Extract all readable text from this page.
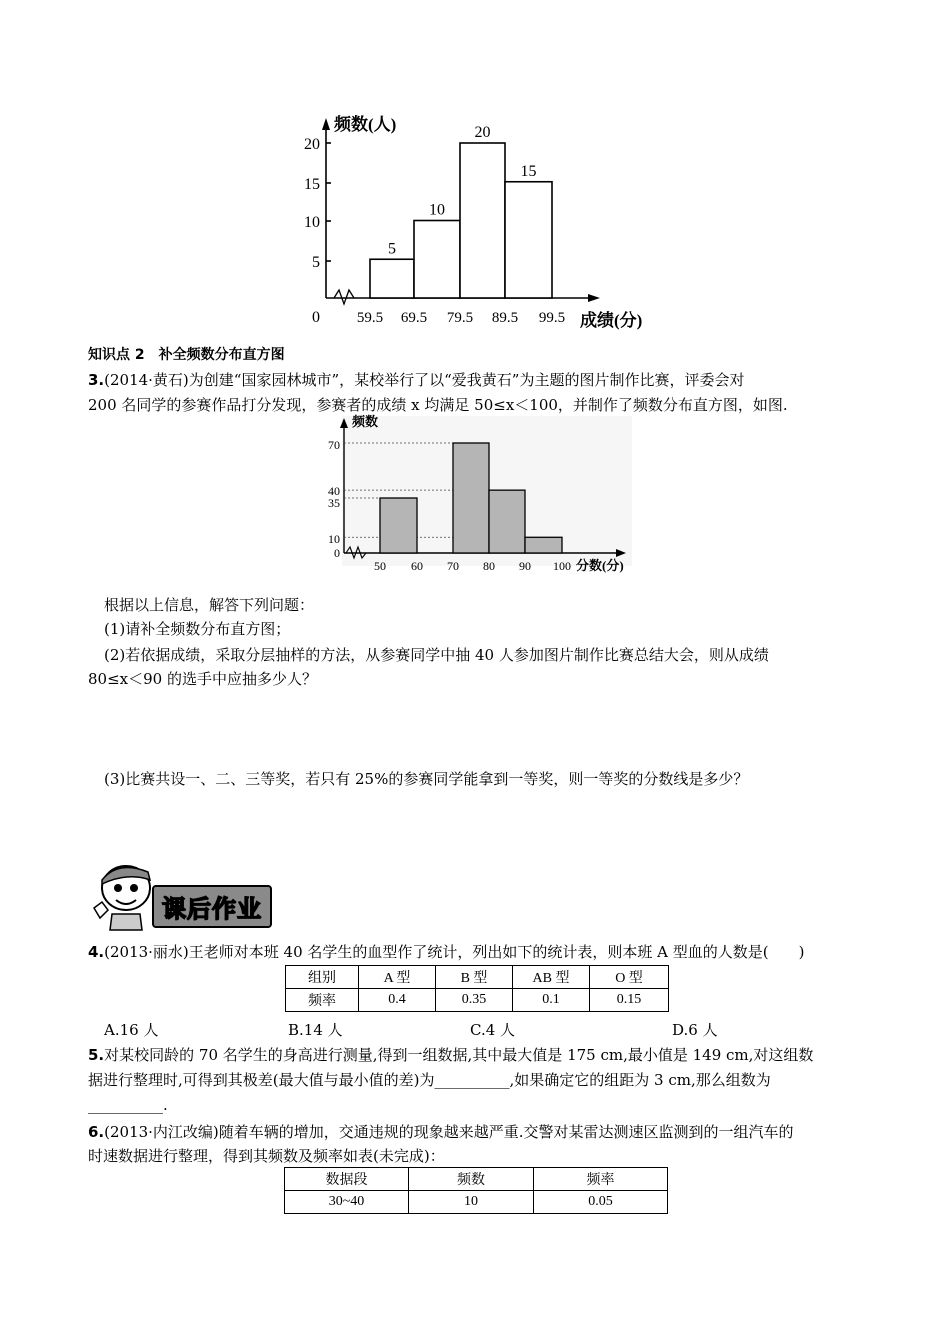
5
10
20
15
频数(人)
20
15
10
5
0 59.5 69.5 79.5 89.5 99.5 成绩(分)
知识点 2　补全频数分布直方图
3.(2014·黄石)为创建“国家园林城市”，某校举行了以“爱我黄石”为主题的图片制作比赛，评委会对
200 名同学的参赛作品打分发现，参赛者的成绩 x 均满足 50≤x＜100，并制作了频数分布直方图，如图.
频数
70
40
35
10
0
50 60 70 80 90 100 分数(分)
根据以上信息，解答下列问题：
(1)请补全频数分布直方图；
(2)若依据成绩，采取分层抽样的方法，从参赛同学中抽 40 人参加图片制作比赛总结大会，则从成绩
80≤x＜90 的选手中应抽多少人？
(3)比赛共设一、二、三等奖，若只有 25%的参赛同学能拿到一等奖，则一等奖的分数线是多少？
课后作业
4.(2013·丽水)王老师对本班 40 名学生的血型作了统计，列出如下的统计表，则本班 A 型血的人数是(　　)
组别	A 型	B 型	AB 型	O 型
频率	0.4	0.35	0.1	0.15
A.16 人	B.14 人	C.4 人	D.6 人
5.对某校同龄的 70 名学生的身高进行测量,得到一组数据,其中最大值是 175 cm,最小值是 149 cm,对这组数
据进行整理时,可得到其极差(最大值与最小值的差)为__________,如果确定它的组距为 3 cm,那么组数为
__________.
6.(2013·内江改编)随着车辆的增加，交通违规的现象越来越严重.交警对某雷达测速区监测到的一组汽车的
时速数据进行整理，得到其频数及频率如表(未完成)：
数据段	频数	频率
30~40	10	0.05
